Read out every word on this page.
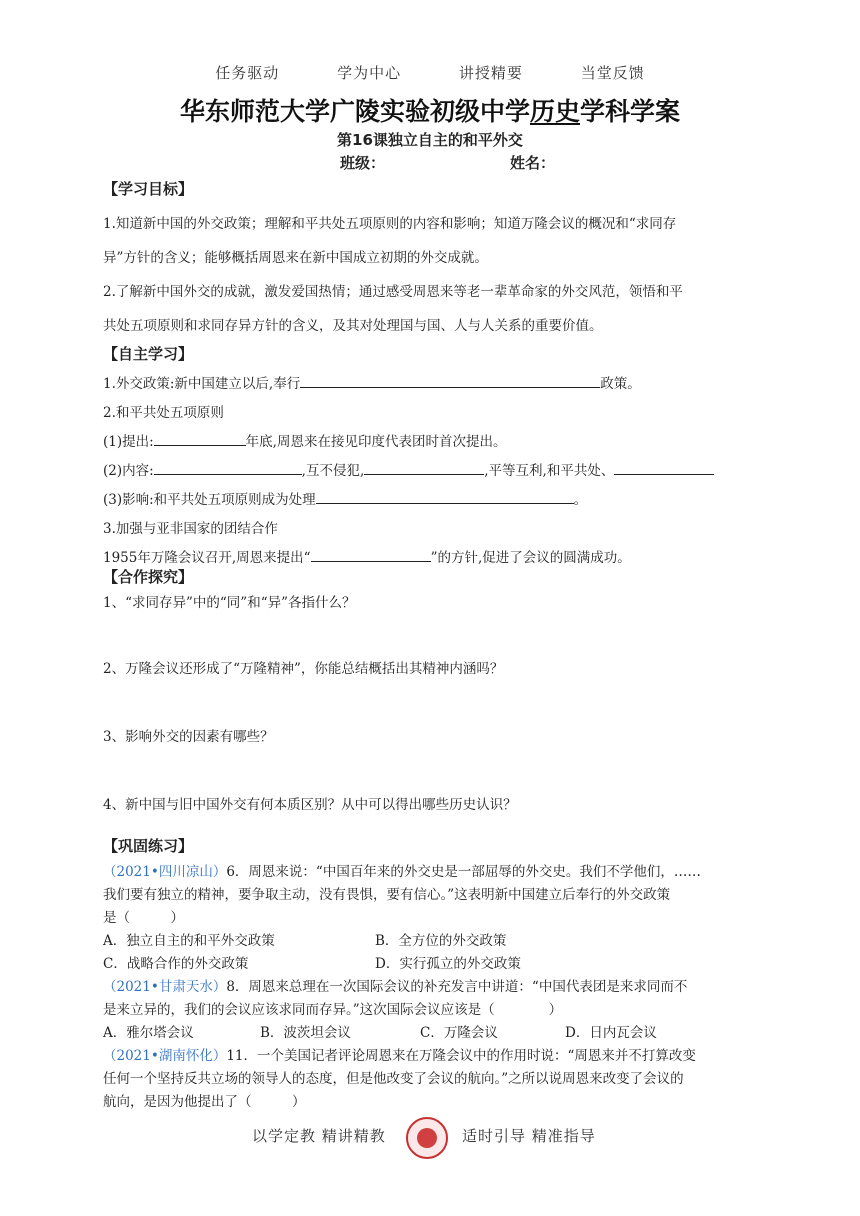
任务驱动	学为中心	讲授精要	当堂反馈
华东师范大学广陵实验初级中学历史学科学案
第16课独立自主的和平外交
班级：	姓名：
【学习目标】
1.知道新中国的外交政策；理解和平共处五项原则的内容和影响；知道万隆会议的概况和“求同存
异”方针的含义；能够概括周恩来在新中国成立初期的外交成就。
2.了解新中国外交的成就，激发爱国热情；通过感受周恩来等老一辈革命家的外交风范，领悟和平
共处五项原则和求同存异方针的含义，及其对处理国与国、人与人关系的重要价值。
【自主学习】
1.外交政策:新中国建立以后,奉行	政策。
2.和平共处五项原则
(1)提出:	年底,周恩来在接见印度代表团时首次提出。
(2)内容:	,互不侵犯,	,平等互利,和平共处、
(3)影响:和平共处五项原则成为处理	。
3.加强与亚非国家的团结合作
1955年万隆会议召开,周恩来提出“	”的方针,促进了会议的圆满成功。
【合作探究】
1、“求同存异”中的“同”和“异”各指什么？
2、万隆会议还形成了“万隆精神”，你能总结概括出其精神内涵吗？
3、影响外交的因素有哪些？
4、新中国与旧中国外交有何本质区别？从中可以得出哪些历史认识？
【巩固练习】
（2021•四川凉山）6．周恩来说：“中国百年来的外交史是一部屈辱的外交史。我们不学他们，……
我们要有独立的精神，要争取主动，没有畏惧，要有信心。”这表明新中国建立后奉行的外交政策
是（　　　）
A．独立自主的和平外交政策	B．全方位的外交政策
C．战略合作的外交政策	D．实行孤立的外交政策
（2021•甘肃天水）8．周恩来总理在一次国际会议的补充发言中讲道：“中国代表团是来求同而不
是来立异的，我们的会议应该求同而存异。”这次国际会议应该是（　　　　）
A．雅尔塔会议	B．波茨坦会议	C．万隆会议	D．日内瓦会议
（2021•湖南怀化）11．一个美国记者评论周恩来在万隆会议中的作用时说：“周恩来并不打算改变
任何一个坚持反共立场的领导人的态度，但是他改变了会议的航向。”之所以说周恩来改变了会议的
航向，是因为他提出了（　　　）
以学定教 精讲精教	适时引导 精准指导
